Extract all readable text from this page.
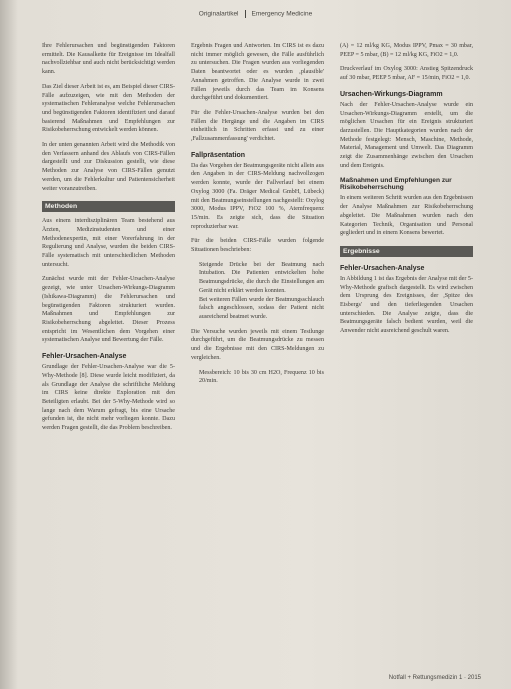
Originalartikel Emergency Medicine

Ihre Fehlerursachen und begünstigenden Faktoren ermittelt. Die Kausalkette für Ereignisse im Idealfall nachvollziehbar und auch nicht berücksichtigt werden kann.

Das Ziel dieser Arbeit ist es, am Beispiel dieser CIRS-Fälle aufzuzeigen, wie mit den Methoden der systematischen Fehleranalyse welche Fehlerursachen und begünstigenden Faktoren identifiziert und darauf basierend Maßnahmen und Empfehlungen zur Risikobeherrschung entwickelt werden können.

In der unten genannten Arbeit wird die Methodik von den Verfassern anhand des Ablaufs von CIRS-Fällen dargestellt und zur Diskussion gestellt, wie diese Methoden zur Analyse von CIRS-Fällen genutzt werden, um die Fehlerkultur und Patientensicherheit weiter voranzutreiben.

Methoden

Aus einem interdisziplinären Team bestehend aus Ärzten, Medizinstudenten und einer Methodenexpertin, mit einer Vorerfahrung in der Regulierung und Analyse, wurden die beiden CIRS-Fälle systematisch mit unterschiedlichen Methoden untersucht.

Zunächst wurde mit der Fehler-Ursachen-Analyse gezeigt, wie unter Ursachen-Wirkungs-Diagramm (Ishikawa-Diagramm) die Fehlerursachen und begünstigenden Faktoren strukturiert wurden. Maßnahmen und Empfehlungen zur Risikobeherrschung abgeleitet. Dieser Prozess entspricht im Wesentlichen dem Vorgehen einer systematischen Analyse und Bewertung der Fälle.

Fehler-Ursachen-Analyse

Grundlage der Fehler-Ursachen-Analyse war die 5-Why-Methode [8]. Diese wurde leicht modifiziert, da als Grundlage der Analyse die schriftliche Meldung im CIRS keine direkte Exploration mit den Beteiligten erlaubt. Bei der 5-Why-Methode wird so lange nach dem Warum gefragt, bis eine Ursache gefunden ist, die nicht mehr vorliegen konnte. Dazu werden Fragen gestellt, die das Problem beschreiben.

Ergebnis Fragen und Antworten. Im CIRS ist es dazu nicht immer möglich gewesen, die Fälle ausführlich zu untersuchen. Die Fragen wurden aus vorliegenden Daten beantwortet oder es wurden ‚plausible' Annahmen getroffen. Die Analyse wurde in zwei Fällen jeweils durch das Team im Konsens durchgeführt und dokumentiert.

Für die Fehler-Ursachen-Analyse wurden bei den Fällen die Hergänge und die Angaben im CIRS einheitlich in Schritten erfasst und zu einer ,Fallzusammenfassung' verdichtet.

Fallpräsentation

Da das Vorgehen der Beatmungsgeräte nicht allein aus den Angaben in der CIRS-Meldung nachvollzogen werden konnte, wurde der Fallverlauf bei einem Oxylog 3000 (Fa. Dräger Medical GmbH, Lübeck) mit den Beatmungseinstellungen nachgestellt: Oxylog 3000, Modus IPPV, FiO2 100 %, Atemfrequenz 15/min. Es zeigte sich, dass die Situation reproduzierbar war.

Für die beiden CIRS-Fälle wurden folgende Situationen beschrieben:

• Steigende Drücke bei der Beatmung nach Intubation. Die Patienten entwickelten hohe Beatmungsdrücke, die durch die Einstellungen am Gerät nicht erklärt werden konnten.
• Bei weiteren Fällen wurde der Beatmungsschlauch falsch angeschlossen, sodass der Patient nicht ausreichend beatmet wurde.

Die Versuche wurden jeweils mit einem Testlunge durchgeführt, um die Beatmungsdrücke zu messen und die Ergebnisse mit den CIRS-Meldungen zu vergleichen.

• Messbereich: 10 bis 30 cm H2O, Frequenz 10 bis 20/min.

(A) = 12 ml/kg KG, Modus IPPV, Pmax = 30 mbar, PEEP = 5 mbar, (B) = 12 ml/kg KG, FiO2 = 1,0.

Druckverlauf im Oxylog 3000: Anstieg Spitzendruck auf 30 mbar, PEEP 5 mbar, AF = 15/min, FiO2 = 1,0.

Ursachen-Wirkungs-Diagramm

Nach der Fehler-Ursachen-Analyse wurde ein Ursachen-Wirkungs-Diagramm erstellt, um die möglichen Ursachen für ein Ereignis strukturiert darzustellen. Die Hauptkategorien wurden nach der Methode festgelegt: Mensch, Maschine, Methode, Material, Management und Umwelt. Das Diagramm zeigt die Zusammenhänge zwischen den Ursachen und dem Ereignis.

Maßnahmen und Empfehlungen zur Risikobeherrschung

In einem weiteren Schritt wurden aus den Ergebnissen der Analyse Maßnahmen zur Risikobeherrschung abgeleitet. Die Maßnahmen wurden nach den Kategorien Technik, Organisation und Personal gegliedert und in einem Konsens bewertet.

Ergebnisse
Fehler-Ursachen-Analyse

In Abbildung 1 ist das Ergebnis der Analyse mit der 5-Why-Methode grafisch dargestellt. Es wird zwischen dem Ursprung des Ereignisses, der ,Spitze des Eisbergs' und den tieferliegenden Ursachen unterschieden. Die Analyse zeigte, dass die Beatmungsgeräte falsch bedient wurden, weil die Anwender nicht ausreichend geschult waren.

Notfall + Rettungsmedizin 1 · 2015
